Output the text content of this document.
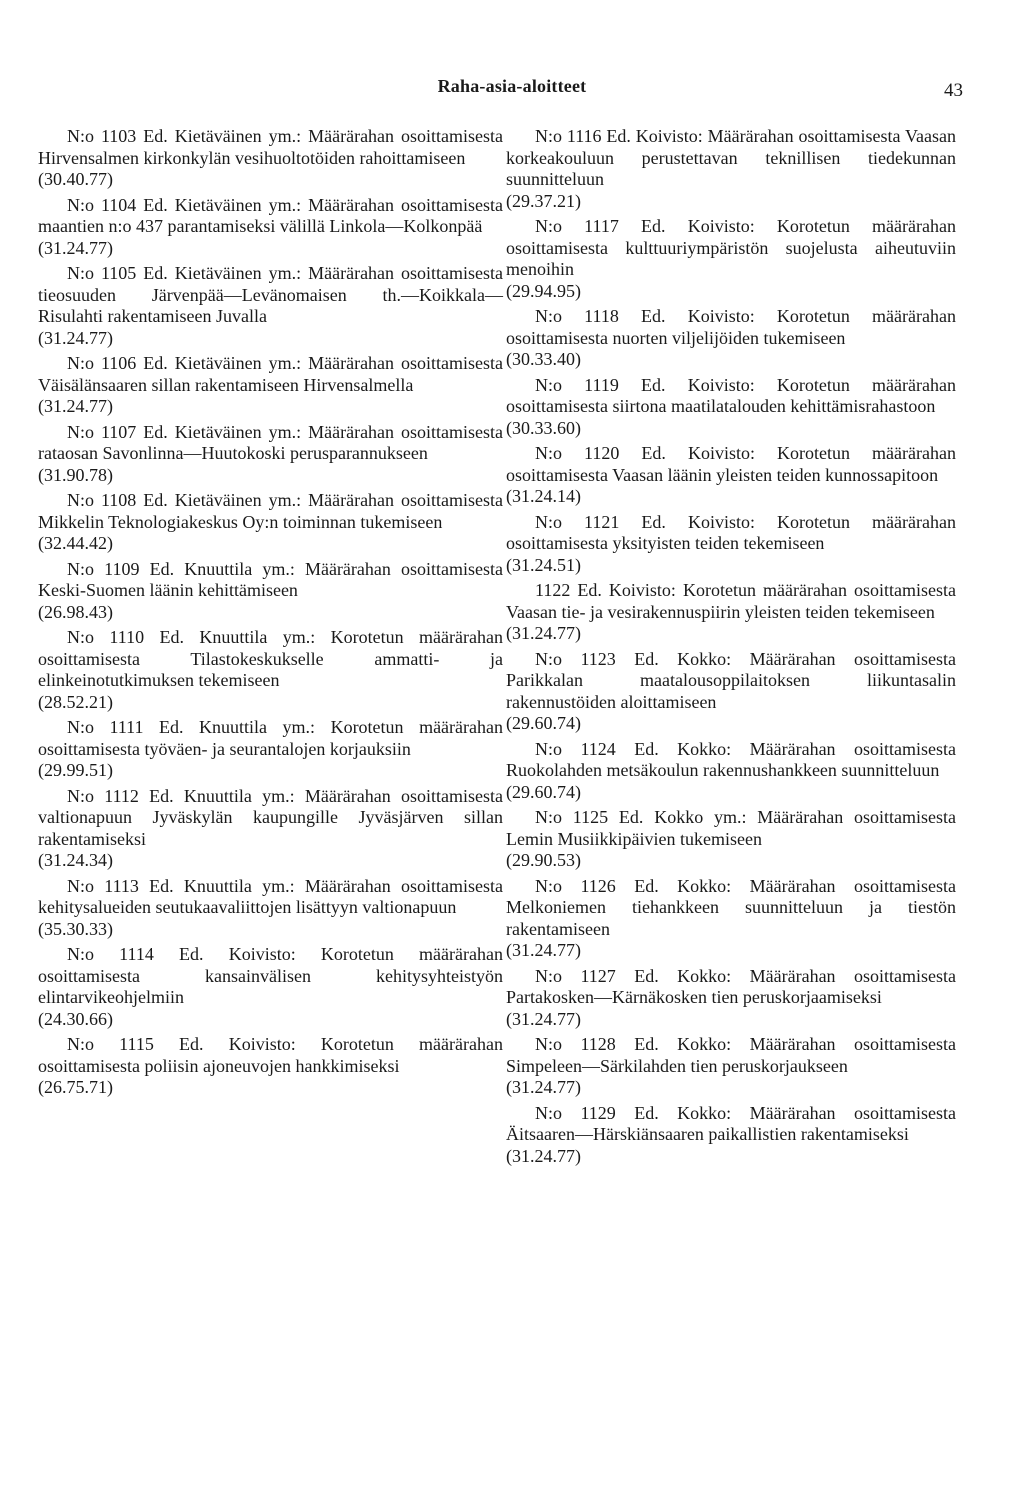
Raha-asia-aloitteet	43
N:o 1103 Ed. Kietäväinen ym.: Määrärahan osoittamisesta Hirvensalmen kirkonkylän vesihuoltotöiden rahoittamiseen
(30.40.77)
N:o 1104 Ed. Kietäväinen ym.: Määrärahan osoittamisesta maantien n:o 437 parantamiseksi välillä Linkola—Kolkonpää
(31.24.77)
N:o 1105 Ed. Kietäväinen ym.: Määrärahan osoittamisesta tieosuuden Järvenpää—Levänomaisen th.—Koikkala—Risulahti rakentamiseen Juvalla
(31.24.77)
N:o 1106 Ed. Kietäväinen ym.: Määrärahan osoittamisesta Väisälänsaaren sillan rakentamiseen Hirvensalmella
(31.24.77)
N:o 1107 Ed. Kietäväinen ym.: Määrärahan osoittamisesta rataosan Savonlinna—Huutokoski perusparannukseen
(31.90.78)
N:o 1108 Ed. Kietäväinen ym.: Määrärahan osoittamisesta Mikkelin Teknologiakeskus Oy:n toiminnan tukemiseen
(32.44.42)
N:o 1109 Ed. Knuuttila ym.: Määrärahan osoittamisesta Keski-Suomen läänin kehittämiseen
(26.98.43)
N:o 1110 Ed. Knuuttila ym.: Korotetun määrärahan osoittamisesta Tilastokeskukselle ammatti- ja elinkeinotutkimuksen tekemiseen
(28.52.21)
N:o 1111 Ed. Knuuttila ym.: Korotetun määrärahan osoittamisesta työväen- ja seurantalojen korjauksiin
(29.99.51)
N:o 1112 Ed. Knuuttila ym.: Määrärahan osoittamisesta valtionapuun Jyväskylän kaupungille Jyväsjärven sillan rakentamiseksi
(31.24.34)
N:o 1113 Ed. Knuuttila ym.: Määrärahan osoittamisesta kehitysalueiden seutukaavaliittojen lisättyyn valtionapuun
(35.30.33)
N:o 1114 Ed. Koivisto: Korotetun määrärahan osoittamisesta kansainvälisen kehitysyhteistyön elintarvikeohjelmiin
(24.30.66)
N:o 1115 Ed. Koivisto: Korotetun määrärahan osoittamisesta poliisin ajoneuvojen hankkimiseksi
(26.75.71)
N:o 1116 Ed. Koivisto: Määrärahan osoittamisesta Vaasan korkeakouluun perustettavan teknillisen tiedekunnan suunnitteluun
(29.37.21)
N:o 1117 Ed. Koivisto: Korotetun määrärahan osoittamisesta kulttuuriympäristön suojelusta aiheutuviin menoihin
(29.94.95)
N:o 1118 Ed. Koivisto: Korotetun määrärahan osoittamisesta nuorten viljelijöiden tukemiseen
(30.33.40)
N:o 1119 Ed. Koivisto: Korotetun määrärahan osoittamisesta siirtona maatilatalouden kehittämisrahastoon
(30.33.60)
N:o 1120 Ed. Koivisto: Korotetun määrärahan osoittamisesta Vaasan läänin yleisten teiden kunnossapitoon
(31.24.14)
N:o 1121 Ed. Koivisto: Korotetun määrärahan osoittamisesta yksityisten teiden tekemiseen
(31.24.51)
1122 Ed. Koivisto: Korotetun määrärahan osoittamisesta Vaasan tie- ja vesirakennuspiirin yleisten teiden tekemiseen
(31.24.77)
N:o 1123 Ed. Kokko: Määrärahan osoittamisesta Parikkalan maatalousoppilaitoksen liikuntasalin rakennustöiden aloittamiseen
(29.60.74)
N:o 1124 Ed. Kokko: Määrärahan osoittamisesta Ruokolahden metsäkoulun rakennushankkeen suunnitteluun
(29.60.74)
N:o 1125 Ed. Kokko ym.: Määrärahan osoittamisesta Lemin Musiikkipäivien tukemiseen
(29.90.53)
N:o 1126 Ed. Kokko: Määrärahan osoittamisesta Melkoniemen tiehankkeen suunnitteluun ja tiestön rakentamiseen
(31.24.77)
N:o 1127 Ed. Kokko: Määrärahan osoittamisesta Partakosken—Kärnäkosken tien peruskorjaamiseksi
(31.24.77)
N:o 1128 Ed. Kokko: Määrärahan osoittamisesta Simpeleen—Särkilahden tien peruskorjaukseen
(31.24.77)
N:o 1129 Ed. Kokko: Määrärahan osoittamisesta Äitsaaren—Härskiänsaaren paikallistien rakentamiseksi
(31.24.77)
